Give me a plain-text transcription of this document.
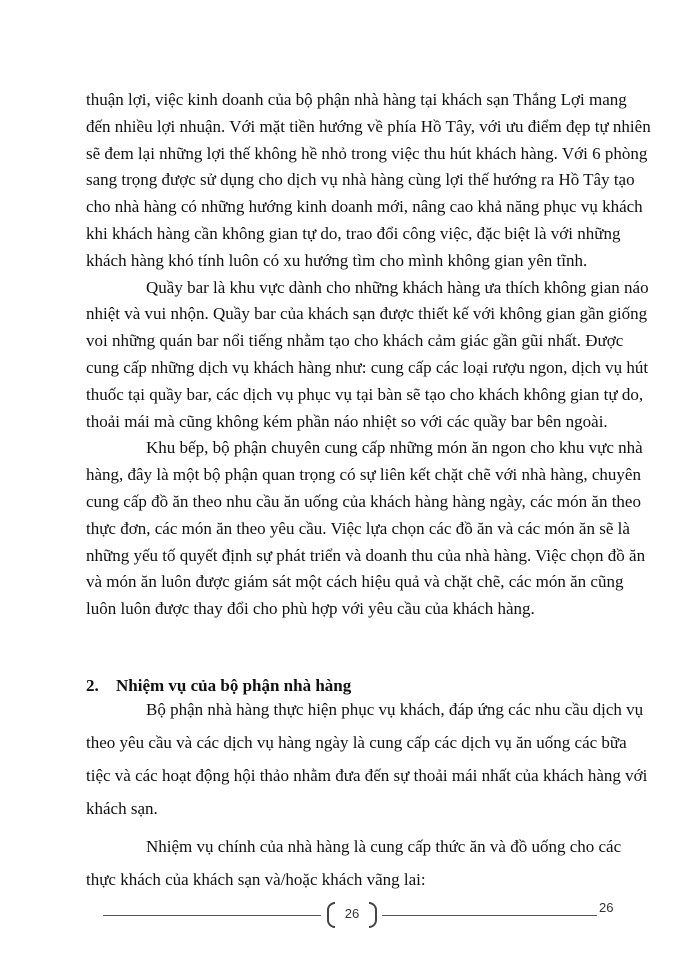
thuận lợi, việc kinh doanh của bộ phận nhà hàng tại khách sạn Thắng Lợi mang
đến nhiều lợi nhuận. Với mặt tiền hướng về phía Hồ Tây, với ưu điểm đẹp tự nhiên
sẽ đem lại những lợi thế không hề nhỏ trong việc thu hút khách hàng. Với 6 phòng
sang trọng được sử dụng cho dịch vụ nhà hàng cùng lợi thế hướng ra Hồ Tây tạo
cho nhà hàng có những hướng kinh doanh mới, nâng cao khả năng phục vụ khách
khi khách hàng cần không gian tự do, trao đổi công việc, đặc biệt là với những
khách hàng khó tính luôn có xu hướng tìm cho mình không gian yên tĩnh.
Quầy bar là khu vực dành cho những khách hàng ưa thích không gian náo
nhiệt và vui nhộn. Quầy bar của khách sạn được thiết kế với không gian gần giống
voi những quán bar nổi tiếng nhằm tạo cho khách cảm giác gần gũi nhất. Được
cung cấp những dịch vụ khách hàng như: cung cấp các loại rượu ngon, dịch vụ hút
thuốc tại quầy bar, các dịch vụ phục vụ tại bàn sẽ tạo cho khách không gian tự do,
thoải mái mà cũng không kém phần náo nhiệt so với các quầy bar bên ngoài.
Khu bếp, bộ phận chuyên cung cấp những món ăn ngon cho khu vực nhà
hàng, đây là một bộ phận quan trọng có sự liên kết chặt chẽ với nhà hàng, chuyên
cung cấp đồ ăn theo nhu cầu ăn uống của khách hàng hàng ngày, các món ăn theo
thực đơn, các món ăn theo yêu cầu. Việc lựa chọn các đồ ăn và các món ăn sẽ là
những yếu tố quyết định sự phát triển và doanh thu của nhà hàng. Việc chọn đồ ăn
và món ăn luôn được giám sát một cách hiệu quả và chặt chẽ, các món ăn cũng
luôn luôn được thay đổi cho phù hợp với yêu cầu của khách hàng.
2. Nhiệm vụ của bộ phận nhà hàng
Bộ phận nhà hàng thực hiện phục vụ khách, đáp ứng các nhu cầu dịch vụ
theo yêu cầu và các dịch vụ hàng ngày là cung cấp các dịch vụ ăn uống các bữa
tiệc và các hoạt động hội thảo nhằm đưa đến sự thoải mái nhất của khách hàng với
khách sạn.
26	26
Nhiệm vụ chính của nhà hàng là cung cấp thức ăn và đồ uống cho các
thực khách của khách sạn và/hoặc khách vãng lai:
